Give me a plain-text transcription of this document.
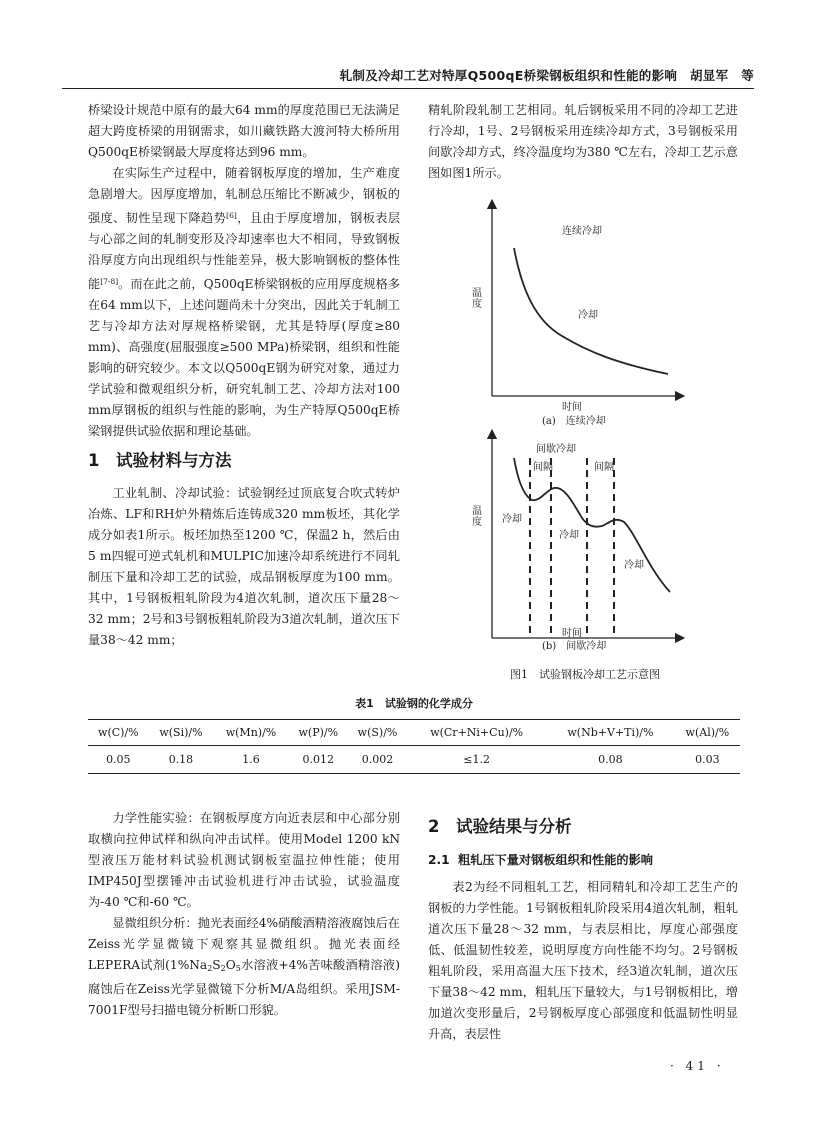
轧制及冷却工艺对特厚Q500qE桥梁钢板组织和性能的影响　胡显军　等

桥梁设计规范中原有的最大64 mm的厚度范围已无法满足超大跨度桥梁的用钢需求，如川藏铁路大渡河特大桥所用Q500qE桥梁钢最大厚度将达到96 mm。

在实际生产过程中，随着钢板厚度的增加，生产难度急剧增大。因厚度增加，轧制总压缩比不断减少，钢板的强度、韧性呈现下降趋势[6]，且由于厚度增加，钢板表层与心部之间的轧制变形及冷却速率也大不相同，导致钢板沿厚度方向出现组织与性能差异，极大影响钢板的整体性能[7-8]。而在此之前，Q500qE桥梁钢板的应用厚度规格多在64 mm以下，上述问题尚未十分突出，因此关于轧制工艺与冷却方法对厚规格桥梁钢，尤其是特厚(厚度≥80 mm)、高强度(屈服强度≥500 MPa)桥梁钢，组织和性能影响的研究较少。本文以Q500qE钢为研究对象，通过力学试验和微观组织分析，研究轧制工艺、冷却方法对100 mm厚钢板的组织与性能的影响，为生产特厚Q500qE桥梁钢提供试验依据和理论基础。

1 试验材料与方法

工业轧制、冷却试验：试验钢经过顶底复合吹式转炉冶炼、LF和RH炉外精炼后连铸成320 mm板坯，其化学成分如表1所示。板坯加热至1200 ℃，保温2 h，然后由5 m四辊可逆式轧机和MULPIC加速冷却系统进行不同轧制压下量和冷却工艺的试验，成品钢板厚度为100 mm。其中，1号钢板粗轧阶段为4道次轧制，道次压下量28～32 mm；2号和3号钢板粗轧阶段为3道次轧制，道次压下量38～42 mm；

精轧阶段轧制工艺相同。轧后钢板采用不同的冷却工艺进行冷却，1号、2号钢板采用连续冷却方式，3号钢板采用间歇冷却方式，终冷温度均为380 ℃左右，冷却工艺示意图如图1所示。

连续冷却
冷却
温度
时间
(a)　连续冷却
间歇冷却
间隔	间隔
冷却
冷却
冷却
温度
时间
(b)　间歇冷却
图1　试验钢板冷却工艺示意图
表1　试验钢的化学成分
w(C)/%	w(Si)/%	w(Mn)/%	w(P)/%	w(S)/%	w(Cr+Ni+Cu)/%	w(Nb+V+Ti)/%	w(Al)/%
0.05	0.18	1.6	0.012	0.002	≤1.2	0.08	0.03

力学性能实验：在钢板厚度方向近表层和中心部分别取横向拉伸试样和纵向冲击试样。使用Model 1200 kN型液压万能材料试验机测试钢板室温拉伸性能；使用IMP450J型摆锤冲击试验机进行冲击试验，试验温度为-40 ℃和-60 ℃。

显微组织分析：抛光表面经4%硝酸酒精溶液腐蚀后在Zeiss光学显微镜下观察其显微组织。抛光表面经LEPERA试剂($1\%Na_2S_2O_5$水溶液+4%苦味酸酒精溶液)腐蚀后在Zeiss光学显微镜下分析M/A岛组织。采用JSM-7001F型号扫描电镜分析断口形貌。

2 试验结果与分析
2.1 粗轧压下量对钢板组织和性能的影响

表2为经不同粗轧工艺，相同精轧和冷却工艺生产的钢板的力学性能。1号钢板粗轧阶段采用4道次轧制，粗轧道次压下量28～32 mm，与表层相比，厚度心部强度低、低温韧性较差，说明厚度方向性能不均匀。2号钢板粗轧阶段，采用高温大压下技术，经3道次轧制，道次压下量38～42 mm，粗轧压下量较大，与1号钢板相比，增加道次变形量后，2号钢板厚度心部强度和低温韧性明显升高，表层性

· 41 ·
